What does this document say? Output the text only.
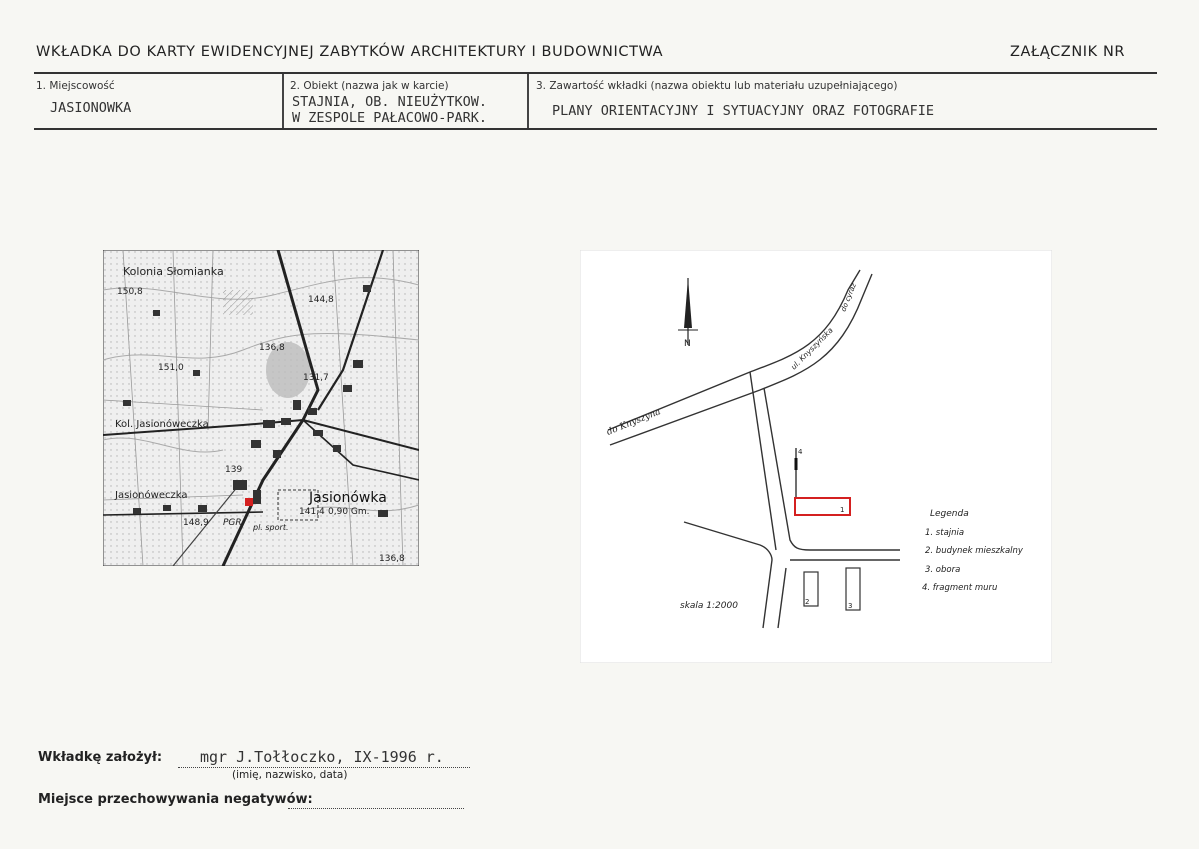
WKŁADKA DO KARTY EWIDENCYJNEJ ZABYTKÓW ARCHITEKTURY I BUDOWNICTWA	ZAŁĄCZNIK NR
1. Miejscowość
JASIONOWKA
2. Obiekt (nazwa jak w karcie)
STAJNIA, OB. NIEUŻYTKOW.
W ZESPOLE PAŁACOWO-PARK.
3. Zawartość wkładki (nazwa obiektu lub materiału uzupełniającego)
PLANY ORIENTACYJNY I SYTUACYJNY ORAZ FOTOGRAFIE
Kolonia Słomianka
Kol. Jasionóweczka
Jasionóweczka	Jasionówka
PGR pl. sport.
0,90 Gm.
150,8
144,8
136,8
151,0
131,7
139
148,9
141,4
136,8
N
4
1
2	3
do Knyszyna
ul. Knyszyńska
do cyraz
skala 1:2000
Legenda
1. stajnia
2. budynek mieszkalny
3. obora
4. fragment muru
Wkładkę założył:	mgr J.Tołłoczko, IX-1996 r.
(imię, nazwisko, data)
Miejsce przechowywania negatywów:
